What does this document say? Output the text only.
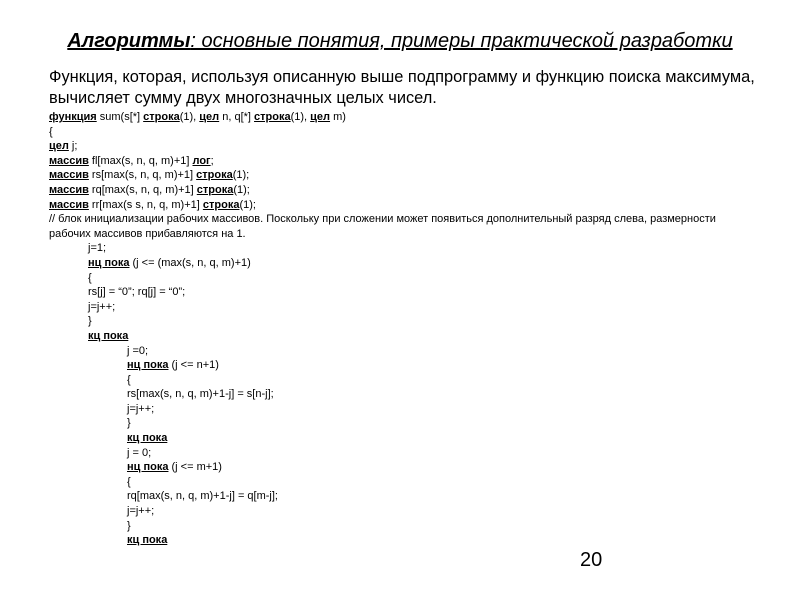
Алгоритмы: основные понятия, примеры практической разработки
Функция, которая, используя описанную выше подпрограмму и функцию поиска максимума, вычисляет сумму двух многозначных целых чисел.
функция sum(s[*] строка(1), цел n, q[*] строка(1), цел m)
{
цел j;
массив fl[max(s, n, q, m)+1] лог;
массив rs[max(s, n, q, m)+1] строка(1);
массив rq[max(s, n, q, m)+1] строка(1);
массив rr[max(s s, n, q, m)+1] строка(1);
// блок инициализации рабочих массивов. Поскольку при сложении может появиться дополнительный разряд слева, размерности рабочих массивов прибавляются на 1.
j=1;
нц пока (j <= (max(s, n, q, m)+1)
{
rs[j] = “0”; rq[j] = “0”;
j=j++;
}
кц пока
j =0;
нц пока (j <= n+1)
{
rs[max(s, n, q, m)+1-j] = s[n-j];
j=j++;
}
кц пока
j = 0;
нц пока (j <= m+1)
{
rq[max(s, n, q, m)+1-j] = q[m-j];
j=j++;
}
кц пока
20
